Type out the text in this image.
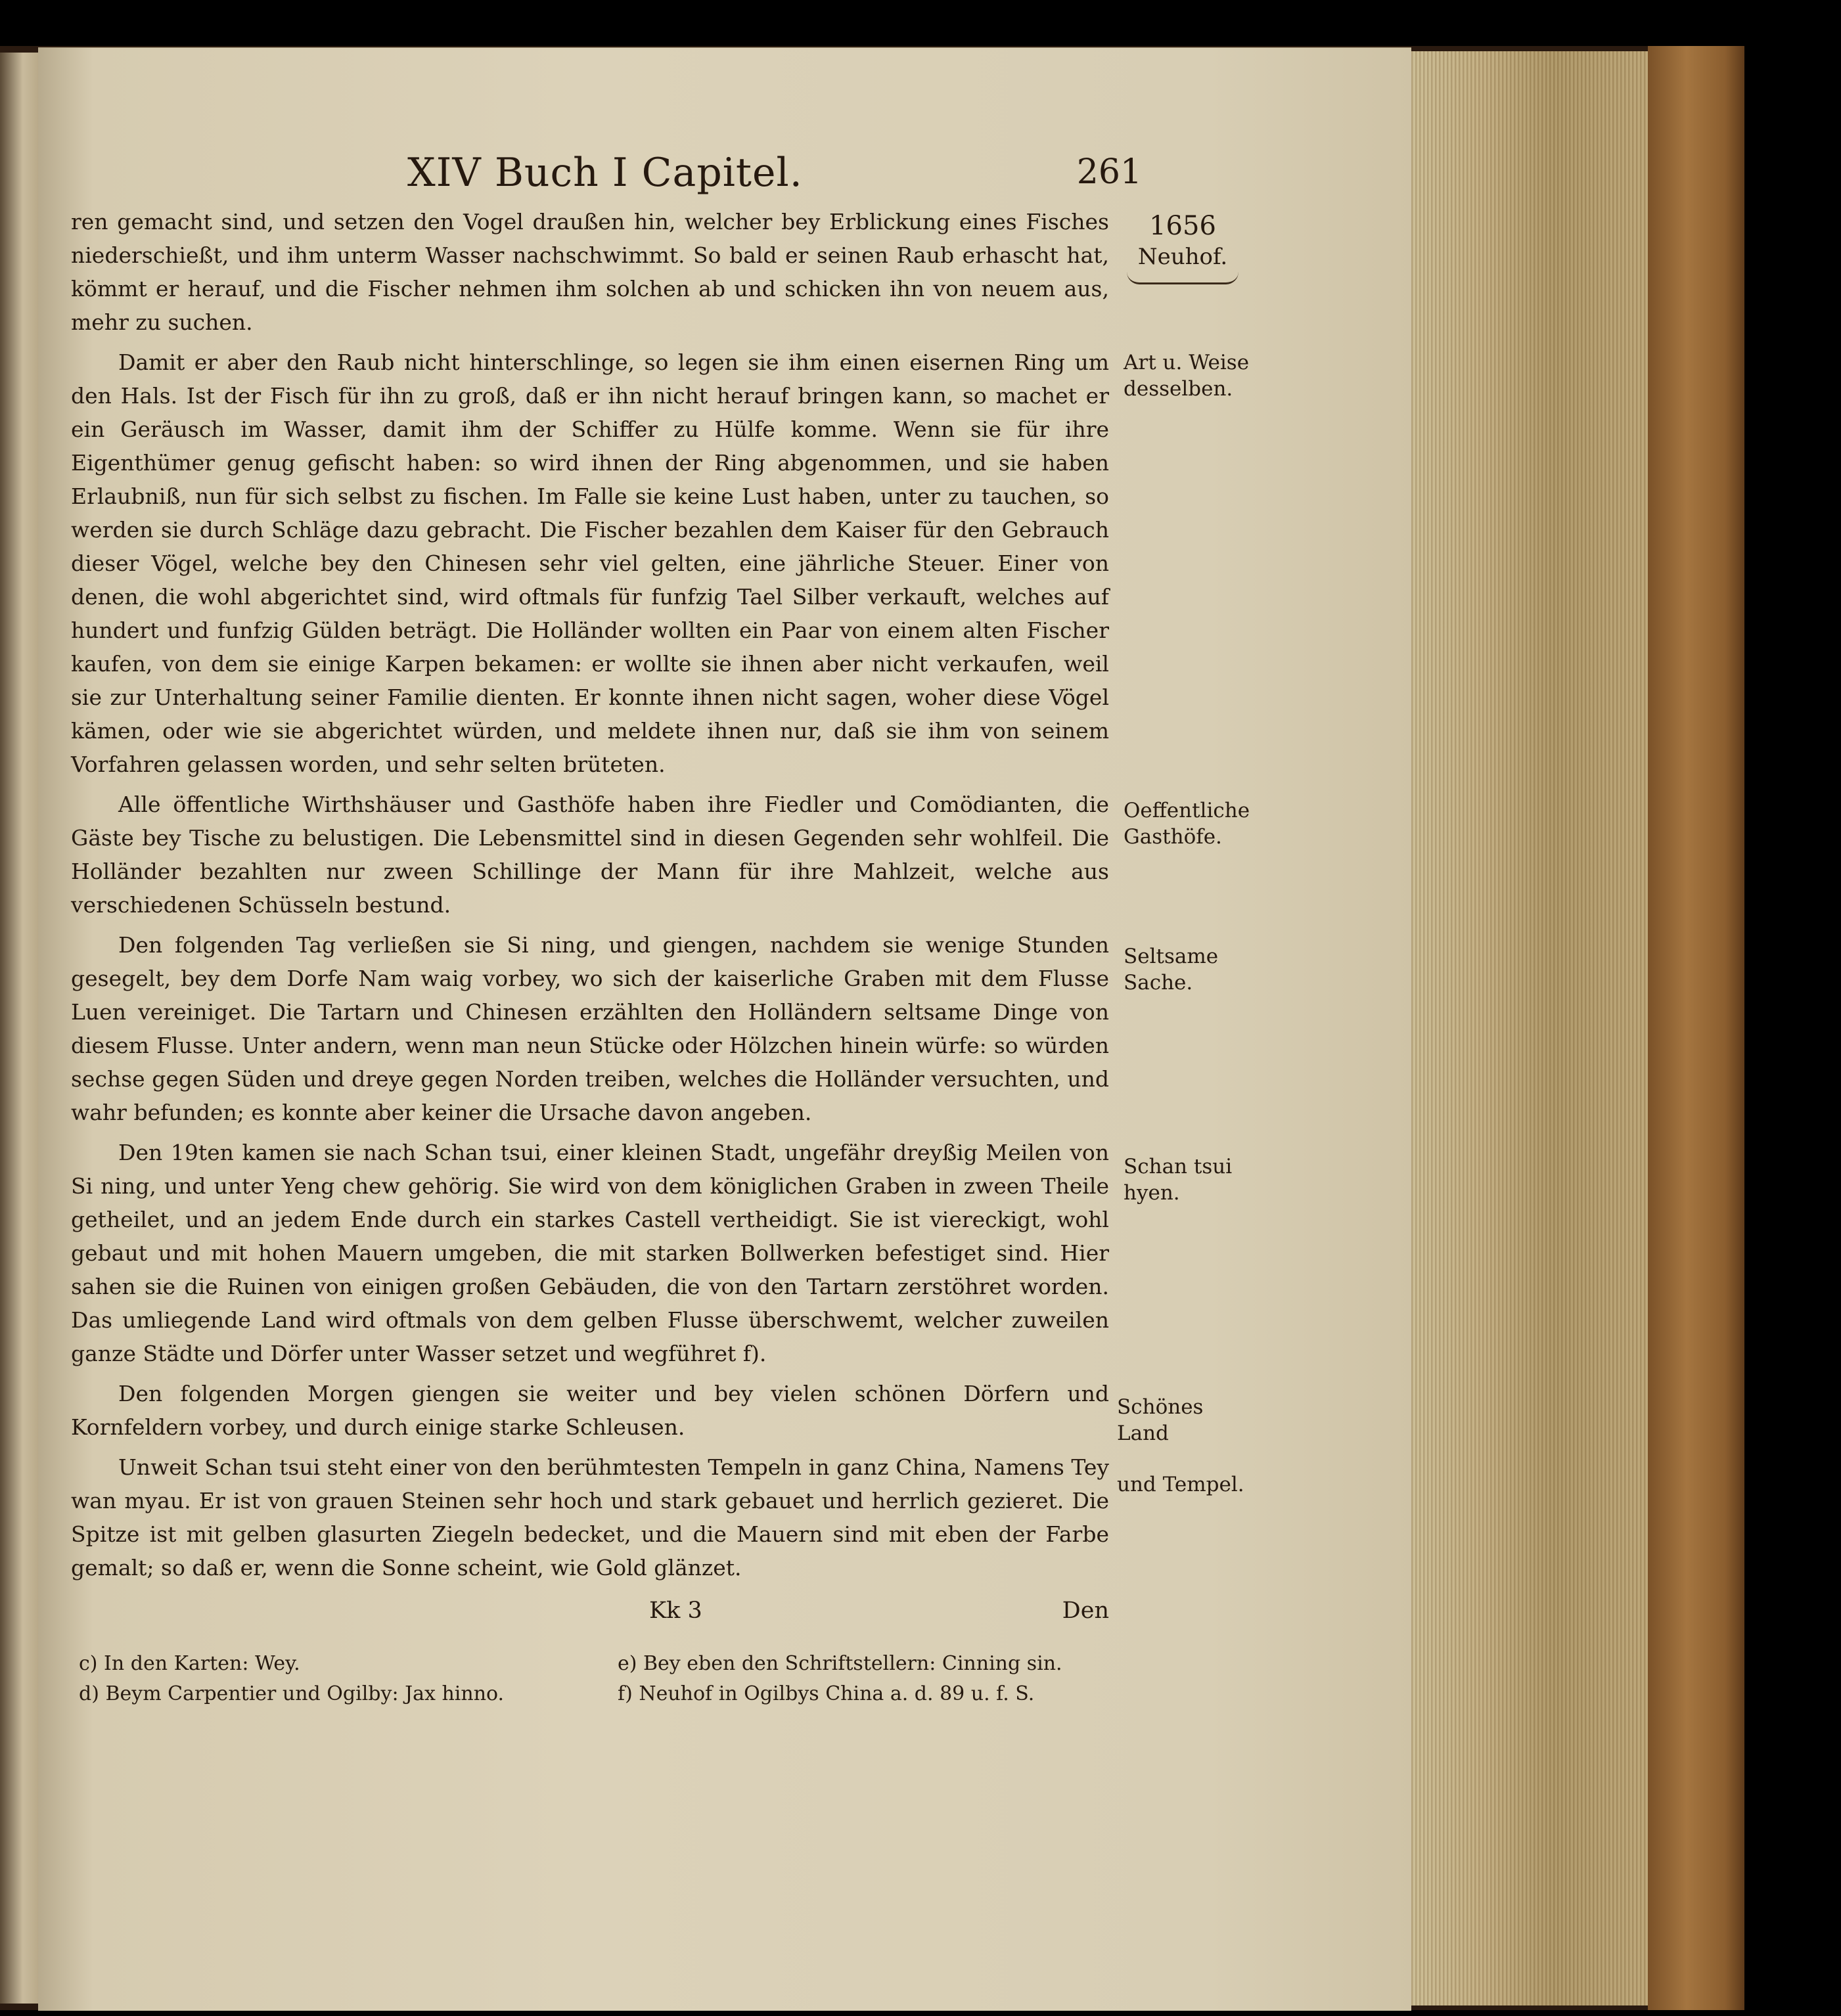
XIV Buch I Capitel.	261
1656
Neuhof.
Art u. Weise desselben.
Oeffentliche Gasthöfe.
Seltsame Sache.
Schan tsui hyen.
Schönes Land
und Tempel.

ren gemacht sind, und setzen den Vogel draußen hin, welcher bey Erblickung eines Fisches niederschießt, und ihm unterm Wasser nachschwimmt. So bald er seinen Raub erhascht hat, kömmt er herauf, und die Fischer nehmen ihm solchen ab und schicken ihn von neuem aus, mehr zu suchen.

Damit er aber den Raub nicht hinterschlinge, so legen sie ihm einen eisernen Ring um den Hals. Ist der Fisch für ihn zu groß, daß er ihn nicht herauf bringen kann, so machet er ein Geräusch im Wasser, damit ihm der Schiffer zu Hülfe komme. Wenn sie für ihre Eigenthümer genug gefischt haben: so wird ihnen der Ring abgenommen, und sie haben Erlaubniß, nun für sich selbst zu fischen. Im Falle sie keine Lust haben, unter zu tauchen, so werden sie durch Schläge dazu gebracht. Die Fischer bezahlen dem Kaiser für den Gebrauch dieser Vögel, welche bey den Chinesen sehr viel gelten, eine jährliche Steuer. Einer von denen, die wohl abgerichtet sind, wird oftmals für funfzig Tael Silber verkauft, welches auf hundert und funfzig Gülden beträgt. Die Holländer wollten ein Paar von einem alten Fischer kaufen, von dem sie einige Karpen bekamen: er wollte sie ihnen aber nicht verkaufen, weil sie zur Unterhaltung seiner Familie dienten. Er konnte ihnen nicht sagen, woher diese Vögel kämen, oder wie sie abgerichtet würden, und meldete ihnen nur, daß sie ihm von seinem Vorfahren gelassen worden, und sehr selten brüteten.

Alle öffentliche Wirthshäuser und Gasthöfe haben ihre Fiedler und Comödianten, die Gäste bey Tische zu belustigen. Die Lebensmittel sind in diesen Gegenden sehr wohlfeil. Die Holländer bezahlten nur zween Schillinge der Mann für ihre Mahlzeit, welche aus verschiedenen Schüsseln bestund.

Den folgenden Tag verließen sie Si ning, und giengen, nachdem sie wenige Stunden gesegelt, bey dem Dorfe Nam waig vorbey, wo sich der kaiserliche Graben mit dem Flusse Luen vereiniget. Die Tartarn und Chinesen erzählten den Holländern seltsame Dinge von diesem Flusse. Unter andern, wenn man neun Stücke oder Hölzchen hinein würfe: so würden sechse gegen Süden und dreye gegen Norden treiben, welches die Holländer versuchten, und wahr befunden; es konnte aber keiner die Ursache davon angeben.

Den 19ten kamen sie nach Schan tsui, einer kleinen Stadt, ungefähr dreyßig Meilen von Si ning, und unter Yeng chew gehörig. Sie wird von dem königlichen Graben in zween Theile getheilet, und an jedem Ende durch ein starkes Castell vertheidigt. Sie ist viereckigt, wohl gebaut und mit hohen Mauern umgeben, die mit starken Bollwerken befestiget sind. Hier sahen sie die Ruinen von einigen großen Gebäuden, die von den Tartarn zerstöhret worden. Das umliegende Land wird oftmals von dem gelben Flusse überschwemt, welcher zuweilen ganze Städte und Dörfer unter Wasser setzet und wegführet f).

Den folgenden Morgen giengen sie weiter und bey vielen schönen Dörfern und Kornfeldern vorbey, und durch einige starke Schleusen.

Unweit Schan tsui steht einer von den berühmtesten Tempeln in ganz China, Namens Tey wan myau. Er ist von grauen Steinen sehr hoch und stark gebauet und herrlich gezieret. Die Spitze ist mit gelben glasurten Ziegeln bedecket, und die Mauern sind mit eben der Farbe gemalt; so daß er, wenn die Sonne scheint, wie Gold glänzet.

Kk 3	Den
c) In den Karten: Wey.
d) Beym Carpentier und Ogilby: Jax hinno.
e) Bey eben den Schriftstellern: Cinning sin.
f) Neuhof in Ogilbys China a. d. 89 u. f. S.
